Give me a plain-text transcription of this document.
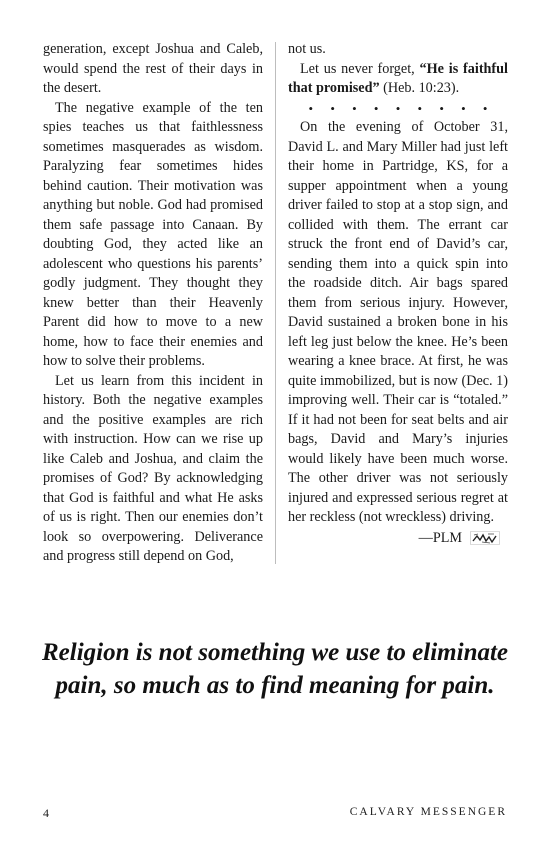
generation, except Joshua and Caleb, would spend the rest of their days in the desert.

The negative example of the ten spies teaches us that faithlessness sometimes masquerades as wisdom. Paralyzing fear sometimes hides behind caution. Their motivation was anything but noble. God had promised them safe passage into Canaan. By doubting God, they acted like an adolescent who questions his parents’ godly judgment. They thought they knew better than their Heavenly Parent did how to move to a new home, how to face their enemies and how to solve their problems.

Let us learn from this incident in history. Both the negative examples and the positive examples are rich with instruction. How can we rise up like Caleb and Joshua, and claim the promises of God? By acknowledging that God is faithful and what He asks of us is right. Then our enemies don’t look so overpowering. Deliverance and progress still depend on God,

not us.

Let us never forget, “He is faithful that promised” (Heb. 10:23).

• • • • • • • • •

On the evening of October 31, David L. and Mary Miller had just left their home in Partridge, KS, for a supper appointment when a young driver failed to stop at a stop sign, and collided with them. The errant car struck the front end of David’s car, sending them into a quick spin into the roadside ditch. Air bags spared them from serious injury. However, David sustained a broken bone in his left leg just below the knee. He’s been wearing a knee brace. At first, he was quite immobilized, but is now (Dec. 1) improving well. Their car is “totaled.” If it had not been for seat belts and air bags, David and Mary’s injuries would likely have been much worse. The other driver was not seriously injured and expressed serious regret at her reckless (not wreckless) driving.

—PLM
Religion is not something we use to eliminate pain, so much as to find meaning for pain.
4	CALVARY MESSENGER
